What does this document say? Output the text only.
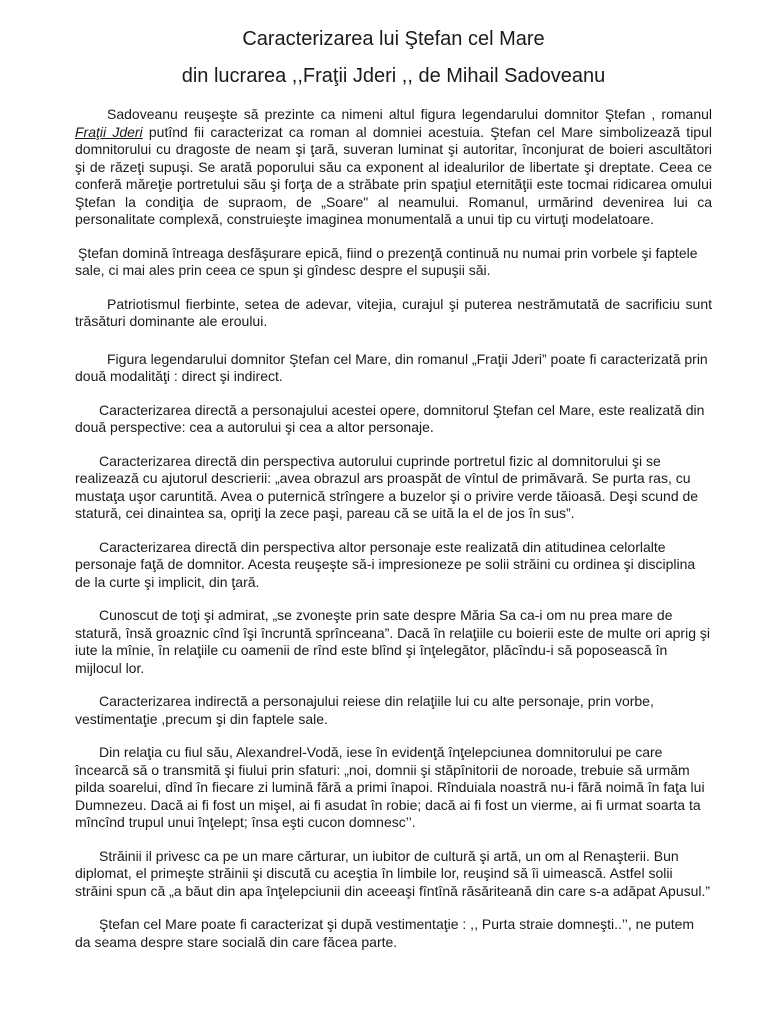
Caracterizarea lui Ştefan cel Mare
din lucrarea ,,Fraţii Jderi ,, de Mihail Sadoveanu

Sadoveanu reuşeşte să prezinte ca nimeni altul figura legendarului domnitor Ştefan , romanul Fraţii Jderi putînd fii caracterizat ca roman al domniei acestuia. Ştefan cel Mare simbolizează tipul domnitorului cu dragoste de neam şi ţară, suveran luminat şi autoritar, înconjurat de boieri ascultători şi de răzeţi supuşi. Se arată poporului său ca exponent al idealurilor de libertate şi dreptate. Ceea ce conferă măreţie portretului său şi forţa de a străbate prin spaţiul eternităţii este tocmai ridicarea omului Ştefan la condiţia de supraom, de „Soare" al neamului. Romanul, urmărind devenirea lui ca personalitate complexă, construieşte imaginea monumentală a unui tip cu virtuţi modelatoare.

Ştefan domină întreaga desfăşurare epică, fiind o prezenţă continuă nu numai prin vorbele şi faptele sale, ci mai ales prin ceea ce spun şi gîndesc despre el supuşii săi.

Patriotismul fierbinte, setea de adevar, vitejia, curajul şi puterea nestrămutată de sacrificiu sunt trăsături dominante ale eroului.

Figura legendarului domnitor Ştefan cel Mare, din romanul „Fraţii Jderi” poate fi caracterizată prin două modalităţi : direct şi indirect.

Caracterizarea directă a personajului acestei opere, domnitorul Ştefan cel Mare, este realizată din două perspective: cea a autorului şi cea a altor personaje.

Caracterizarea directă din perspectiva autorului cuprinde portretul fizic al domnitorului şi se realizează cu ajutorul descrierii: „avea obrazul ars proaspăt de vîntul de primăvară. Se purta ras, cu mustaţa uşor caruntită. Avea o puternică strîngere a buzelor şi o privire verde tăioasă. Deşi scund de statură, cei dinaintea sa, opriţi la zece paşi, pareau că se uită la el de jos în sus”.

Caracterizarea directă din perspectiva altor personaje este realizată din atitudinea celorlalte personaje faţă de domnitor. Acesta reuşeşte să-i impresioneze pe solii străini cu ordinea şi disciplina de la curte şi implicit, din ţară.

Cunoscut de toţi şi admirat, „se zvoneşte prin sate despre Măria Sa ca-i om nu prea mare de statură, însă groaznic cînd îşi încruntă sprînceana”. Dacă în relaţiile cu boierii este de multe ori aprig şi iute la mînie, în relaţiile cu oamenii de rînd este blînd şi înţelegător, plăcîndu-i să poposească în mijlocul lor.

Caracterizarea indirectă a personajului reiese din relaţiile lui cu alte personaje, prin vorbe, vestimentaţie ,precum şi din faptele sale.

Din relaţia cu fiul său, Alexandrel-Vodă, iese în evidenţă înţelepciunea domnitorului pe care încearcă să o transmită şi fiului prin sfaturi: „noi, domnii şi stăpînitorii de noroade, trebuie să urmăm pilda soarelui, dînd în fiecare zi lumină fără a primi înapoi. Rînduiala noastră nu-i fără noimă în faţa lui Dumnezeu. Dacă ai fi fost un mişel, ai fi asudat în robie; dacă ai fi fost un vierme, ai fi urmat soarta ta mîncînd trupul unui înţelept; însa eşti cucon domnesc’’.

Străinii il privesc ca pe un mare cărturar, un iubitor de cultură şi artă, un om al Renaşterii. Bun diplomat, el primeşte străinii şi discută cu aceştia în limbile lor, reuşind să îi uimească. Astfel solii străini spun că „a băut din apa înţelepciunii din aceeaşi fîntînă răsăriteană din care s-a adăpat Apusul.”

Ştefan cel Mare poate fi caracterizat şi după vestimentaţie : ,, Purta straie domneşti..’’, ne putem da seama despre stare socială din care făcea parte.
